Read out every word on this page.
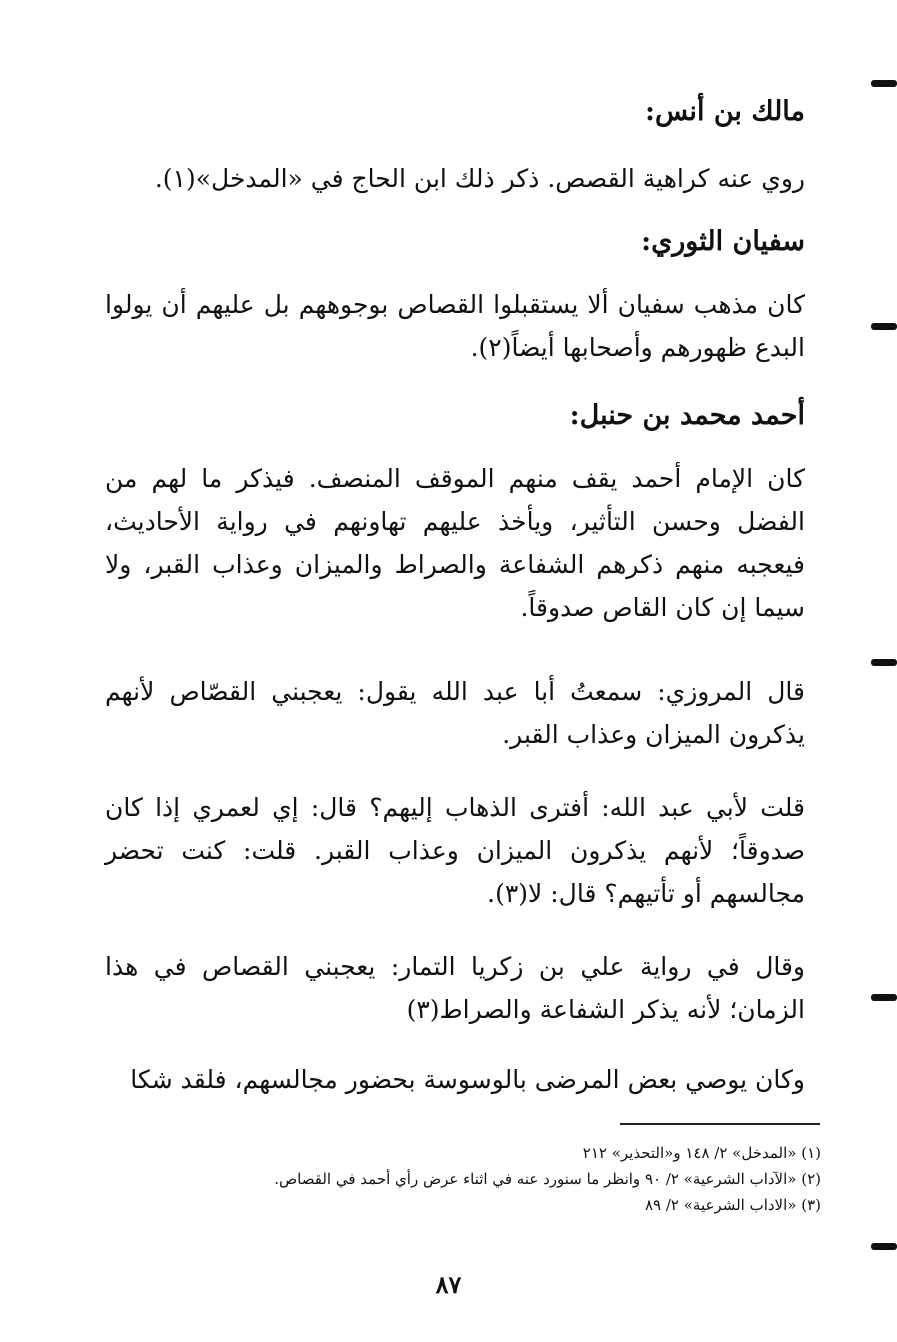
مالك بن أنس:

روي عنه كراهية القصص. ذكر ذلك ابن الحاج في «المدخل»(١).

سفيان الثوري:

كان مذهب سفيان ألا يستقبلوا القصاص بوجوههم بل عليهم أن يولوا البدع ظهورهم وأصحابها أيضاً(٢).

أحمد محمد بن حنبل:

كان الإمام أحمد يقف منهم الموقف المنصف. فيذكر ما لهم من الفضل وحسن التأثير، ويأخذ عليهم تهاونهم في رواية الأحاديث، فيعجبه منهم ذكرهم الشفاعة والصراط والميزان وعذاب القبر، ولا سيما إن كان القاص صدوقاً.

قال المروزي: سمعتُ أبا عبد الله يقول: يعجبني القصّاص لأنهم يذكرون الميزان وعذاب القبر.

قلت لأبي عبد الله: أفترى الذهاب إليهم؟ قال: إي لعمري إذا كان صدوقاً؛ لأنهم يذكرون الميزان وعذاب القبر. قلت: كنت تحضر مجالسهم أو تأتيهم؟ قال: لا(٣).

وقال في رواية علي بن زكريا التمار: يعجبني القصاص في هذا الزمان؛ لأنه يذكر الشفاعة والصراط(٣)

وكان يوصي بعض المرضى بالوسوسة بحضور مجالسهم، فلقد شكا

(١) «المدخل» ٢/ ١٤٨ و«التحذير» ٢١٢
(٢) «الآداب الشرعية» ٢/ ٩٠ وانظر ما سنورد عنه في اثناء عرض رأي أحمد في القصاص.
(٣) «الاداب الشرعية» ٢/ ٨٩
٨٧
